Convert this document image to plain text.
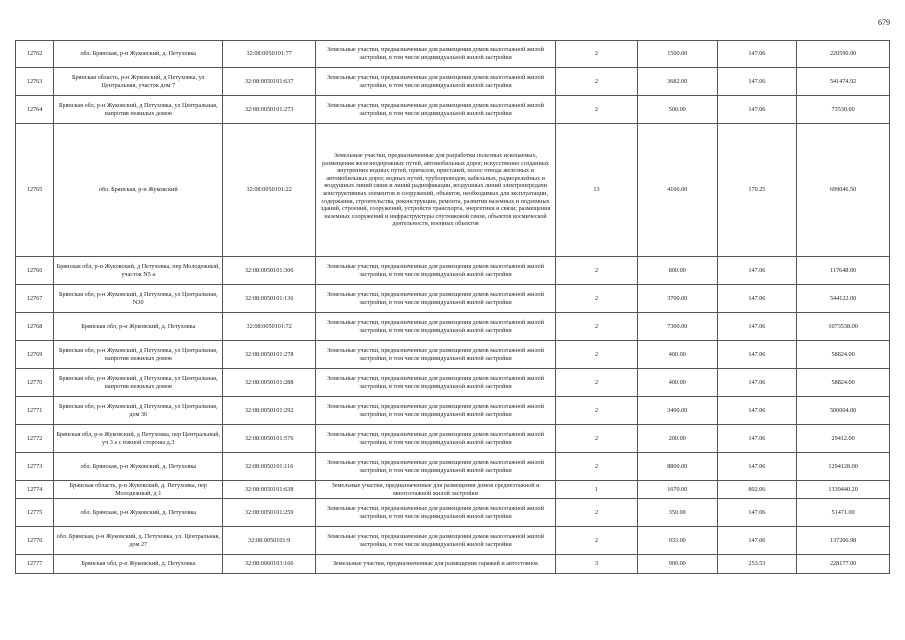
679
12762	обл. Брянская, р-н Жуковский, д. Петуховка	32:08:0050101:77	Земельные участки, предназначенные для размещения домов малоэтажной жилой застройки, в том числе индивидуальной жилой застройки	2	1500.00	147.06	220590.00
12763	Брянская область, р-н Жуковский, д Петуховка, ул Центральная, участок дом 7	32:08:0050101:637	Земельные участки, предназначенные для размещения домов малоэтажной жилой застройки, в том числе индивидуальной жилой застройки	2	3682.00	147.06	541474.92
12764	Брянская обл, р-н Жуковский, д Петуховка, ул Центральная, напротив нежилых домов	32:08:0050101:273	Земельные участки, предназначенные для размещения домов малоэтажной жилой застройки, в том числе индивидуальной жилой застройки	2	500.00	147.06	73530.00
12765	обл. Брянская, р-н Жуковский	32:08:0050101:22	Земельные участки, предназначенные для разработки полезных ископаемых, размещения железнодорожных путей, автомобильных дорог, искусственно созданных внутренних водных путей, причалов, пристаней, полос отвода железных и автомобильных дорог, водных путей, трубопроводов, кабельных, радиорелейных и воздушных линий связи и линий радиофикации, воздушных линий электропередачи конструктивных элементов и сооружений, объектов, необходимых для эксплуатации, содержания, строительства, реконструкции, ремонта, развития наземных и подземных зданий, строений, сооружений, устройств транспорта, энергетики и связи; размещения наземных сооружений и инфраструктуры спутниковой связи, объектов космической деятельности, военных объектов	13	4106.00	170.25	699046.50
12766	Брянская обл, р-н Жуковский, д Петуховка, пер Молодежный, участок N5 а	32:08:0050101:306	Земельные участки, предназначенные для размещения домов малоэтажной жилой застройки, в том числе индивидуальной жилой застройки	2	800.00	147.06	117648.00
12767	Брянская обл, р-н Жуковский, д Петуховка, ул Центральная, N30	32:08:0050101:136	Земельные участки, предназначенные для размещения домов малоэтажной жилой застройки, в том числе индивидуальной жилой застройки	2	3700.00	147.06	544122.00
12768	Брянская обл, р-н Жуковский, д. Петуховка	32:08:0050101:72	Земельные участки, предназначенные для размещения домов малоэтажной жилой застройки, в том числе индивидуальной жилой застройки	2	7300.00	147.06	1073538.00
12769	Брянская обл, р-н Жуковский, д Петуховка, ул Центральная, напротив нежилых домов	32:08:0050101:278	Земельные участки, предназначенные для размещения домов малоэтажной жилой застройки, в том числе индивидуальной жилой застройки	2	400.00	147.06	58824.00
12770	Брянская обл, р-н Жуковский, д Петуховка, ул Центральная, напротив нежилых домов	32:08:0050101:288	Земельные участки, предназначенные для размещения домов малоэтажной жилой застройки, в том числе индивидуальной жилой застройки	2	400.00	147.06	58824.00
12771	Брянская обл, р-н Жуковский, д Петуховка, ул Центральная, дом 36	32:08:0050101:292	Земельные участки, предназначенные для размещения домов малоэтажной жилой застройки, в том числе индивидуальной жилой застройки	2	3400.00	147.06	500004.00
12772	Брянская обл, р-н Жуковский, д Петуховка, пер Центральный, уч 3 а с южной стороны д.3	32:08:0050101:576	Земельные участки, предназначенные для размещения домов малоэтажной жилой застройки, в том числе индивидуальной жилой застройки	2	200.00	147.06	29412.00
12773	обл. Брянская, р-н Жуковский, д. Петуховка	32:08:0050101:116	Земельные участки, предназначенные для размещения домов малоэтажной жилой застройки, в том числе индивидуальной жилой застройки	2	8800.00	147.06	1294128.00
12774	Брянская область, р-н Жуковский, д. Петуховка, пер Молодежный, д 1	32:08:0050101:638	Земельные участки, предназначенные для размещения домов среднеэтажной и многоэтажной жилой застройки	1	1670.00	802.06	1339440.20
12775	обл. Брянская, р-н Жуковский, д. Петуховка	32:08:0050101:259	Земельные участки, предназначенные для размещения домов малоэтажной жилой застройки, в том числе индивидуальной жилой застройки	2	350.00	147.06	51471.00
12776	обл. Брянская, р-н Жуковский, д. Петуховка, ул. Центральная, дом 27	32:08:0050101:9	Земельные участки, предназначенные для размещения домов малоэтажной жилой застройки, в том числе индивидуальной жилой застройки	2	933.00	147.06	137206.98
12777	Брянская обл, р-н Жуковский, д. Петуховка	32:08:0060103:166	Земельные участки, предназначенные для размещения гаражей и автостоянок	3	900.00	253.53	228177.00
